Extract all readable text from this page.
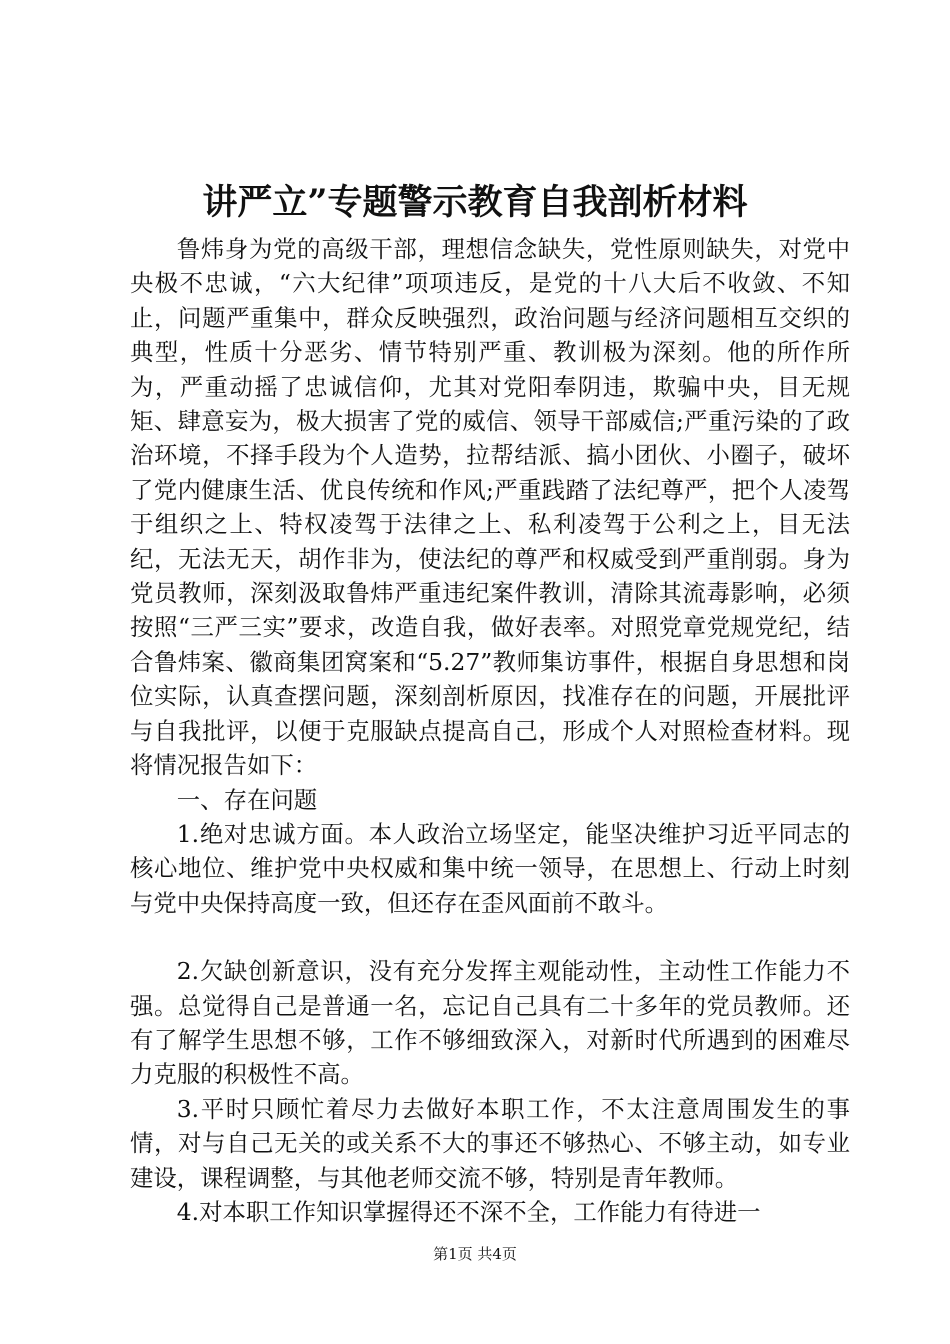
讲严立”专题警示教育自我剖析材料

鲁炜身为党的高级干部，理想信念缺失，党性原则缺失，对党中央极不忠诚，“六大纪律”项项违反，是党的十八大后不收敛、不知止，问题严重集中，群众反映强烈，政治问题与经济问题相互交织的典型，性质十分恶劣、情节特别严重、教训极为深刻。他的所作所为，严重动摇了忠诚信仰，尤其对党阳奉阴违，欺骗中央，目无规矩、肆意妄为，极大损害了党的威信、领导干部威信;严重污染的了政治环境，不择手段为个人造势，拉帮结派、搞小团伙、小圈子，破坏了党内健康生活、优良传统和作风;严重践踏了法纪尊严，把个人凌驾于组织之上、特权凌驾于法律之上、私利凌驾于公利之上，目无法纪，无法无天，胡作非为，使法纪的尊严和权威受到严重削弱。身为党员教师，深刻汲取鲁炜严重违纪案件教训，清除其流毒影响，必须按照“三严三实”要求，改造自我，做好表率。对照党章党规党纪，结合鲁炜案、徽商集团窝案和“5.27”教师集访事件，根据自身思想和岗位实际，认真查摆问题，深刻剖析原因，找准存在的问题，开展批评与自我批评，以便于克服缺点提高自己，形成个人对照检查材料。现将情况报告如下：

一、存在问题

1.绝对忠诚方面。本人政治立场坚定，能坚决维护习近平同志的核心地位、维护党中央权威和集中统一领导，在思想上、行动上时刻与党中央保持高度一致，但还存在歪风面前不敢斗。

2.欠缺创新意识，没有充分发挥主观能动性，主动性工作能力不强。总觉得自己是普通一名，忘记自己具有二十多年的党员教师。还有了解学生思想不够，工作不够细致深入，对新时代所遇到的困难尽力克服的积极性不高。

3.平时只顾忙着尽力去做好本职工作，不太注意周围发生的事情，对与自己无关的或关系不大的事还不够热心、不够主动，如专业建设，课程调整，与其他老师交流不够，特别是青年教师。

4.对本职工作知识掌握得还不深不全，工作能力有待进一

第1页 共4页
